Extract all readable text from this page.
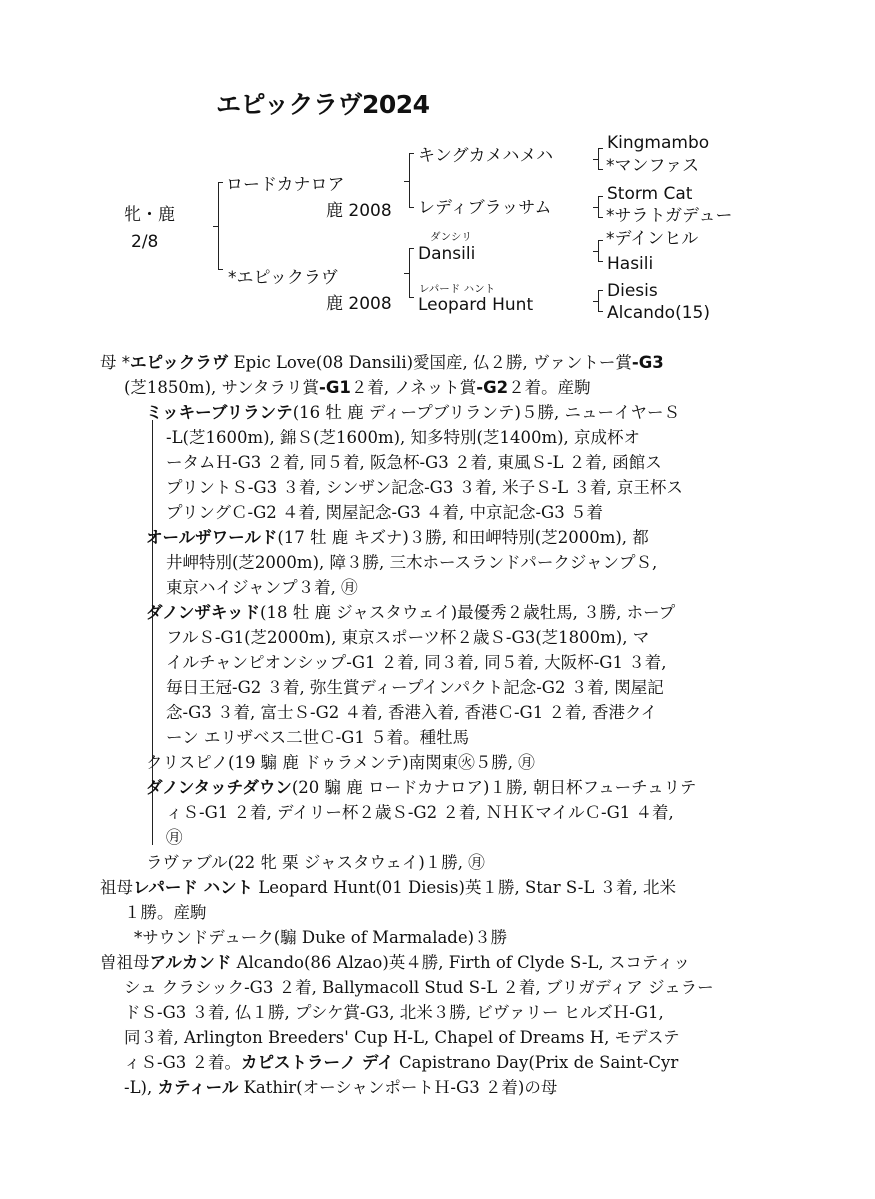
エピックラヴ2024
牝・鹿
2/8
ロードカナロア
鹿 2008
*エピックラヴ
鹿 2008
キングカメハメハ
レディブラッサム
ダンシリ
Dansili
レパード ハント
Leopard Hunt
Kingmambo
*マンファス
Storm Cat
*サラトガデュー
*デインヒル
Hasili
Diesis
Alcando(15)
母 *エピックラヴ Epic Love(08 Dansili)愛国産, 仏２勝, ヴァントー賞-G3
(芝1850m), サンタラリ賞-G1２着, ノネット賞-G2２着。産駒
ミッキーブリランテ(16 牡 鹿 ディープブリランテ)５勝, ニューイヤーＳ
-L(芝1600m), 錦Ｓ(芝1600m), 知多特別(芝1400m), 京成杯オ
ータムＨ-G3 ２着, 同５着, 阪急杯-G3 ２着, 東風Ｓ-L ２着, 函館ス
プリントＳ-G3 ３着, シンザン記念-G3 ３着, 米子Ｓ-L ３着, 京王杯ス
プリングＣ-G2 ４着, 関屋記念-G3 ４着, 中京記念-G3 ５着
オールザワールド(17 牡 鹿 キズナ)３勝, 和田岬特別(芝2000m), 都
井岬特別(芝2000m), 障３勝, 三木ホースランドパークジャンプＳ,
東京ハイジャンプ３着, ㊊
ダノンザキッド(18 牡 鹿 ジャスタウェイ)最優秀２歳牡馬, ３勝, ホープ
フルＳ-G1(芝2000m), 東京スポーツ杯２歳Ｓ-G3(芝1800m), マ
イルチャンピオンシップ-G1 ２着, 同３着, 同５着, 大阪杯-G1 ３着,
毎日王冠-G2 ３着, 弥生賞ディープインパクト記念-G2 ３着, 関屋記
念-G3 ３着, 富士Ｓ-G2 ４着, 香港入着, 香港Ｃ-G1 ２着, 香港クイ
ーン エリザベス二世Ｃ-G1 ５着。種牡馬
クリスピノ(19 騸 鹿 ドゥラメンテ)南関東㊋５勝, ㊊
ダノンタッチダウン(20 騸 鹿 ロードカナロア)１勝, 朝日杯フューチュリテ
ィＳ-G1 ２着, デイリー杯２歳Ｓ-G2 ２着, ＮＨＫマイルＣ-G1 ４着,
㊊
ラヴァブル(22 牝 栗 ジャスタウェイ)１勝, ㊊
祖母レパード ハント Leopard Hunt(01 Diesis)英１勝, Star S-L ３着, 北米
１勝。産駒
*サウンドデューク(騸 Duke of Marmalade)３勝
曽祖母アルカンド Alcando(86 Alzao)英４勝, Firth of Clyde S-L, スコティッ
シュ クラシック-G3 ２着, Ballymacoll Stud S-L ２着, ブリガディア ジェラー
ドＳ-G3 ３着, 仏１勝, プシケ賞-G3, 北米３勝, ビヴァリー ヒルズＨ-G1,
同３着, Arlington Breeders' Cup H-L, Chapel of Dreams H, モデステ
ィＳ-G3 ２着。カピストラーノ デイ Capistrano Day(Prix de Saint-Cyr
-L), カティール Kathir(オーシャンポートＨ-G3 ２着)の母
